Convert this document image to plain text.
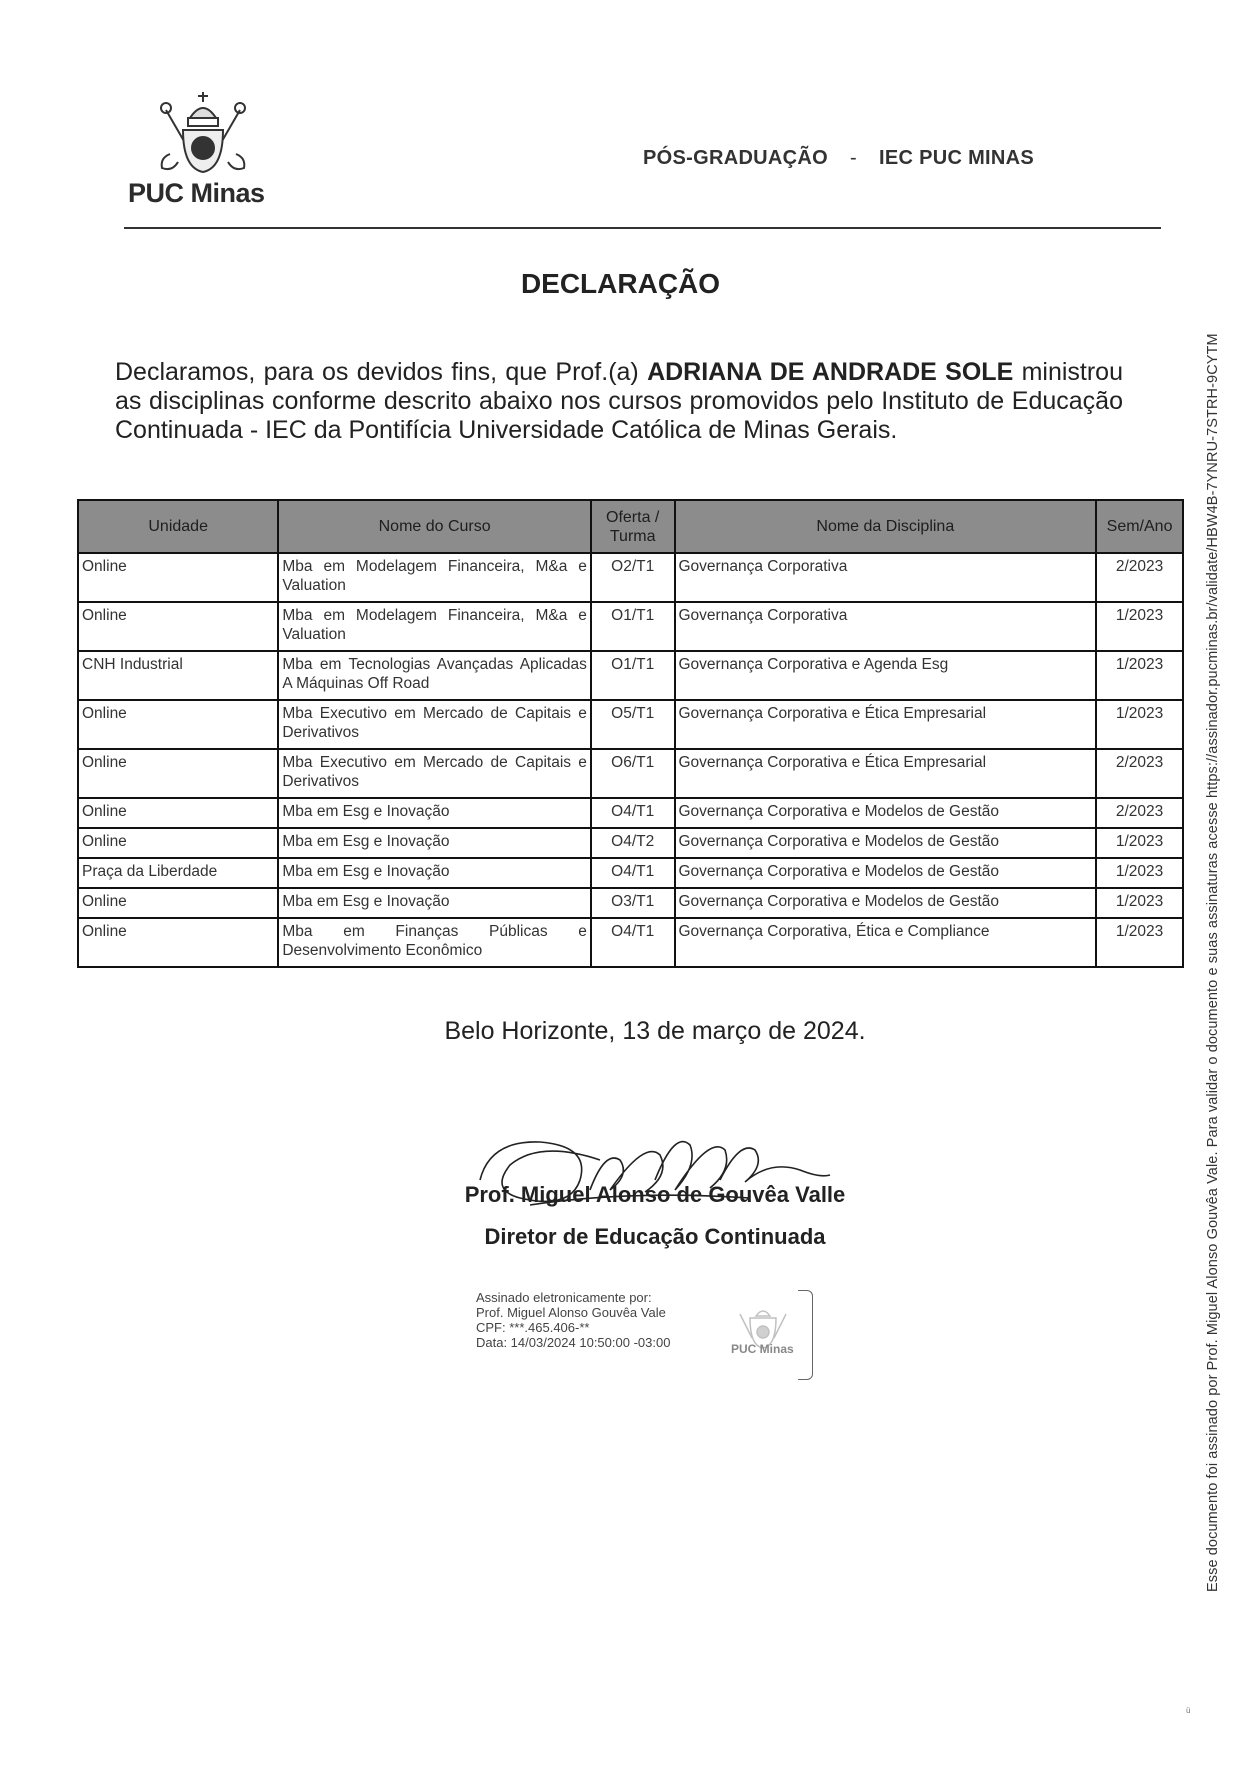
PUC Minas
PÓS-GRADUAÇÃO - IEC PUC MINAS
DECLARAÇÃO
Declaramos, para os devidos fins, que Prof.(a) ADRIANA DE ANDRADE SOLE ministrou as disciplinas conforme descrito abaixo nos cursos promovidos pelo Instituto de Educação Continuada - IEC da Pontifícia Universidade Católica de Minas Gerais.
Unidade	Nome do Curso	Oferta / Turma	Nome da Disciplina	Sem/Ano
Online	Mba em Modelagem Financeira, M&a e Valuation	O2/T1	Governança Corporativa	2/2023
Online	Mba em Modelagem Financeira, M&a e Valuation	O1/T1	Governança Corporativa	1/2023
CNH Industrial	Mba em Tecnologias Avançadas Aplicadas A Máquinas Off Road	O1/T1	Governança Corporativa e Agenda Esg	1/2023
Online	Mba Executivo em Mercado de Capitais e Derivativos	O5/T1	Governança Corporativa e Ética Empresarial	1/2023
Online	Mba Executivo em Mercado de Capitais e Derivativos	O6/T1	Governança Corporativa e Ética Empresarial	2/2023
Online	Mba em Esg e Inovação	O4/T1	Governança Corporativa e Modelos de Gestão	2/2023
Online	Mba em Esg e Inovação	O4/T2	Governança Corporativa e Modelos de Gestão	1/2023
Praça da Liberdade	Mba em Esg e Inovação	O4/T1	Governança Corporativa e Modelos de Gestão	1/2023
Online	Mba em Esg e Inovação	O3/T1	Governança Corporativa e Modelos de Gestão	1/2023
Online	Mba em Finanças Públicas e Desenvolvimento Econômico	O4/T1	Governança Corporativa, Ética e Compliance	1/2023
Belo Horizonte, 13 de março de 2024.
Prof. Miguel Alonso de Gouvêa Valle
Diretor de Educação Continuada
Assinado eletronicamente por:
Prof. Miguel Alonso Gouvêa Vale
CPF: ***.465.406-**
Data: 14/03/2024 10:50:00 -03:00	PUC Minas	Esse documento foi assinado por Prof. Miguel Alonso Gouvêa Vale. Para validar o documento e suas assinaturas acesse https://assinador.pucminas.br/validate/HBW4B-7YNRU-7STRH-9CYTM
ü
